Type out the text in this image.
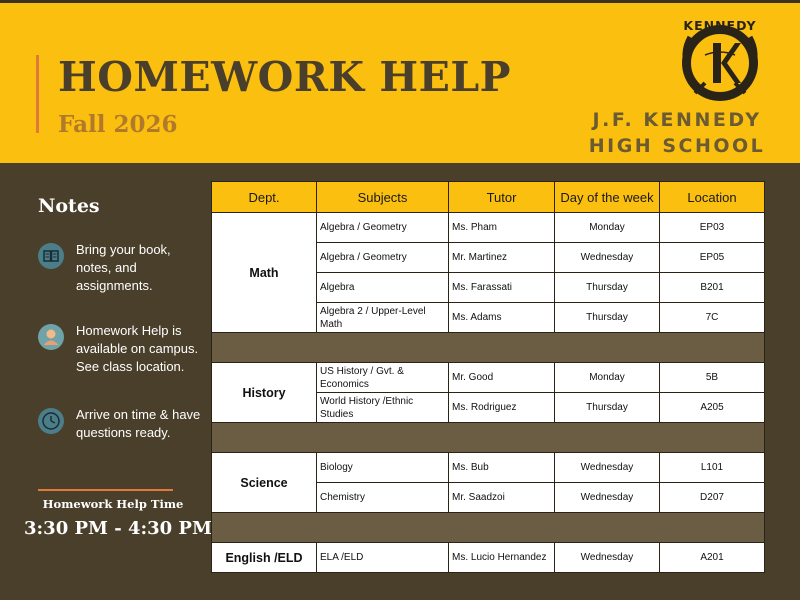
HOMEWORK HELP
Fall 2026
KENNEDY
J.F. KENNEDY
HIGH SCHOOL
Notes
Bring your book, notes, and assignments.
Homework Help is available on campus. See class location.
Arrive on time & have questions ready.
Homework Help Time
3:30 PM - 4:30 PM
Dept.	Subjects	Tutor	Day of the week	Location
Math	Algebra / Geometry	Ms. Pham	Monday	EP03
	Algebra / Geometry	Mr. Martinez	Wednesday	EP05
	Algebra	Ms. Farassati	Thursday	B201
	Algebra 2 / Upper-Level Math	Ms. Adams	Thursday	7C

History	US History / Gvt. & Economics	Mr. Good	Monday	5B
	World History /Ethnic Studies	Ms. Rodriguez	Thursday	A205

Science	Biology	Ms. Bub	Wednesday	L101
	Chemistry	Mr. Saadzoi	Wednesday	D207

English /ELD	ELA /ELD	Ms. Lucio Hernandez	Wednesday	A201
